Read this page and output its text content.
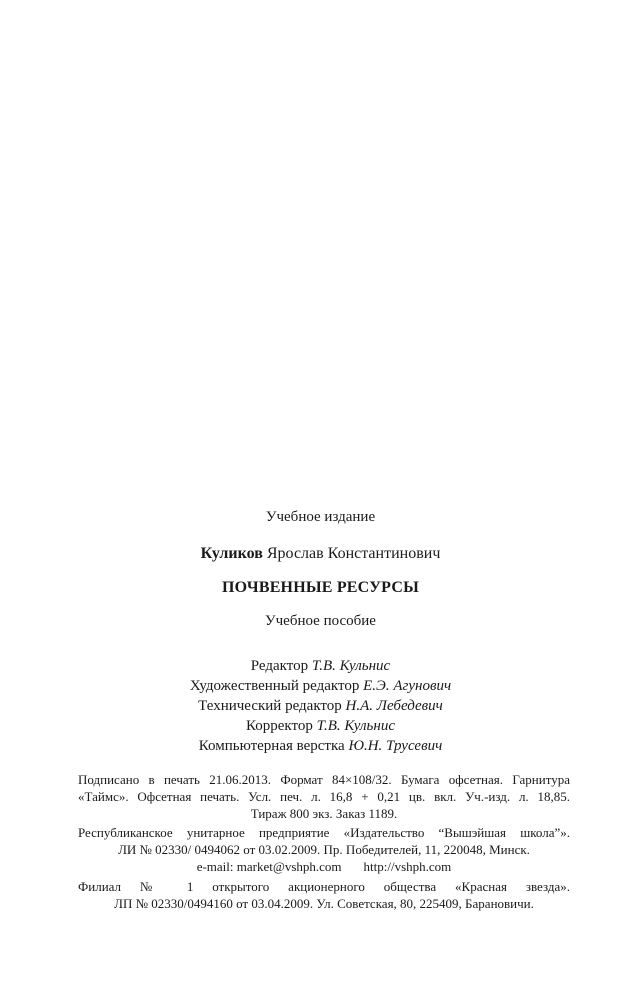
Учебное издание
Куликов Ярослав Константинович
ПОЧВЕННЫЕ РЕСУРСЫ
Учебное пособие
Редактор Т.В. Кульнис
Художественный редактор Е.Э. Агунович
Технический редактор Н.А. Лебедевич
Корректор Т.В. Кульнис
Компьютерная верстка Ю.Н. Трусевич
Подписано в печать 21.06.2013. Формат 84×108/32. Бумага офсетная. Гарнитура
«Таймс». Офсетная печать. Усл. печ. л. 16,8 + 0,21 цв. вкл. Уч.-изд. л. 18,85.
Тираж 800 экз. Заказ 1189.
Республиканское унитарное предприятие «Издательство “Вышэйшая школа”».
ЛИ № 02330/ 0494062 от 03.02.2009. Пр. Победителей, 11, 220048, Минск.
e-mail: market@vshph.com http://vshph.com
Филиал № 1 открытого акционерного общества «Красная звезда».
ЛП № 02330/0494160 от 03.04.2009. Ул. Советская, 80, 225409, Барановичи.
